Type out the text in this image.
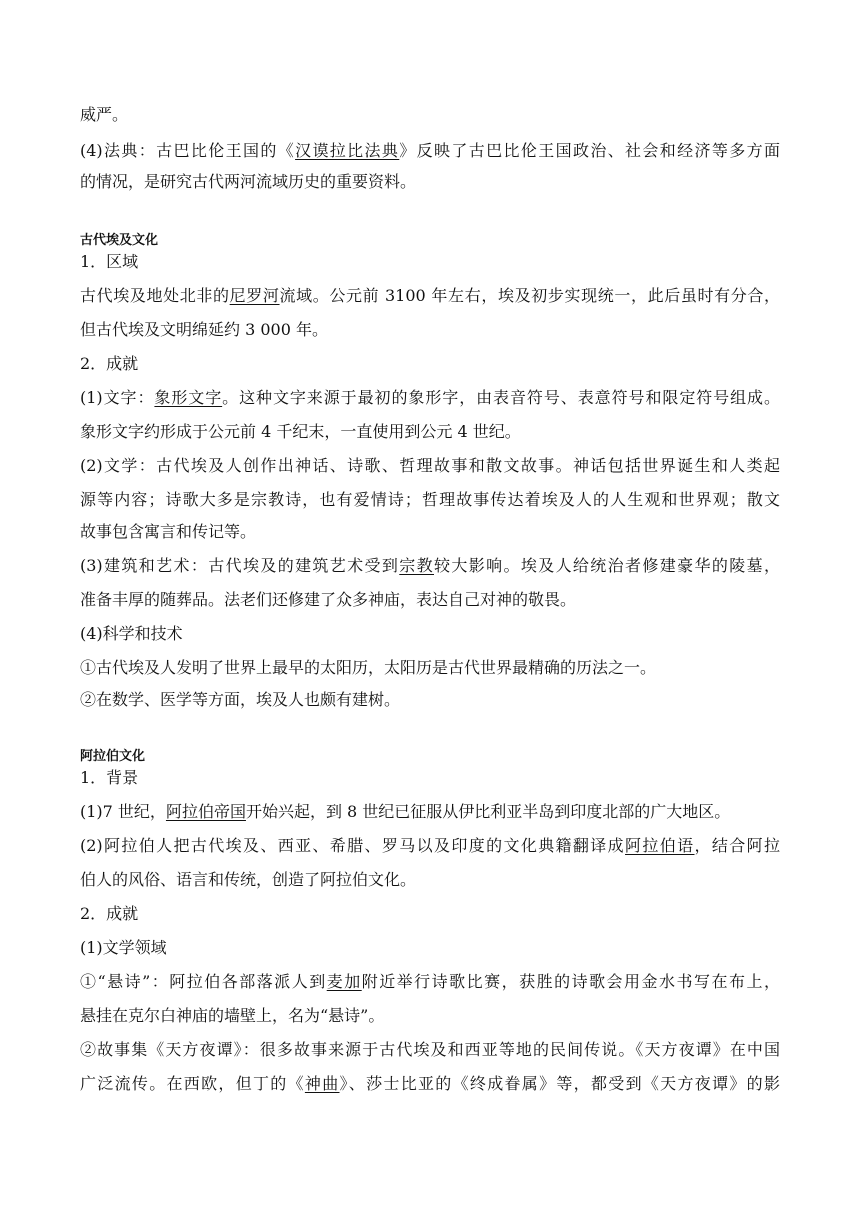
威严。
(4)法典：古巴比伦王国的《汉谟拉比法典》反映了古巴比伦王国政治、社会和经济等多方面
的情况，是研究古代两河流域历史的重要资料。
古代埃及文化
1．区域
古代埃及地处北非的尼罗河流域。公元前 3100 年左右，埃及初步实现统一，此后虽时有分合，
但古代埃及文明绵延约 3 000 年。
2．成就
(1)文字：象形文字。这种文字来源于最初的象形字，由表音符号、表意符号和限定符号组成。
象形文字约形成于公元前 4 千纪末，一直使用到公元 4 世纪。
(2)文学：古代埃及人创作出神话、诗歌、哲理故事和散文故事。神话包括世界诞生和人类起
源等内容；诗歌大多是宗教诗，也有爱情诗；哲理故事传达着埃及人的人生观和世界观；散文
故事包含寓言和传记等。
(3)建筑和艺术：古代埃及的建筑艺术受到宗教较大影响。埃及人给统治者修建豪华的陵墓，
准备丰厚的随葬品。法老们还修建了众多神庙，表达自己对神的敬畏。
(4)科学和技术
①古代埃及人发明了世界上最早的太阳历，太阳历是古代世界最精确的历法之一。
②在数学、医学等方面，埃及人也颇有建树。
阿拉伯文化
1．背景
(1)7 世纪，阿拉伯帝国开始兴起，到 8 世纪已征服从伊比利亚半岛到印度北部的广大地区。
(2)阿拉伯人把古代埃及、西亚、希腊、罗马以及印度的文化典籍翻译成阿拉伯语，结合阿拉
伯人的风俗、语言和传统，创造了阿拉伯文化。
2．成就
(1)文学领域
①“悬诗”：阿拉伯各部落派人到麦加附近举行诗歌比赛，获胜的诗歌会用金水书写在布上，
悬挂在克尔白神庙的墙壁上，名为“悬诗”。
②故事集《天方夜谭》：很多故事来源于古代埃及和西亚等地的民间传说。《天方夜谭》在中国
广泛流传。在西欧，但丁的《神曲》、莎士比亚的《终成眷属》等，都受到《天方夜谭》的影
